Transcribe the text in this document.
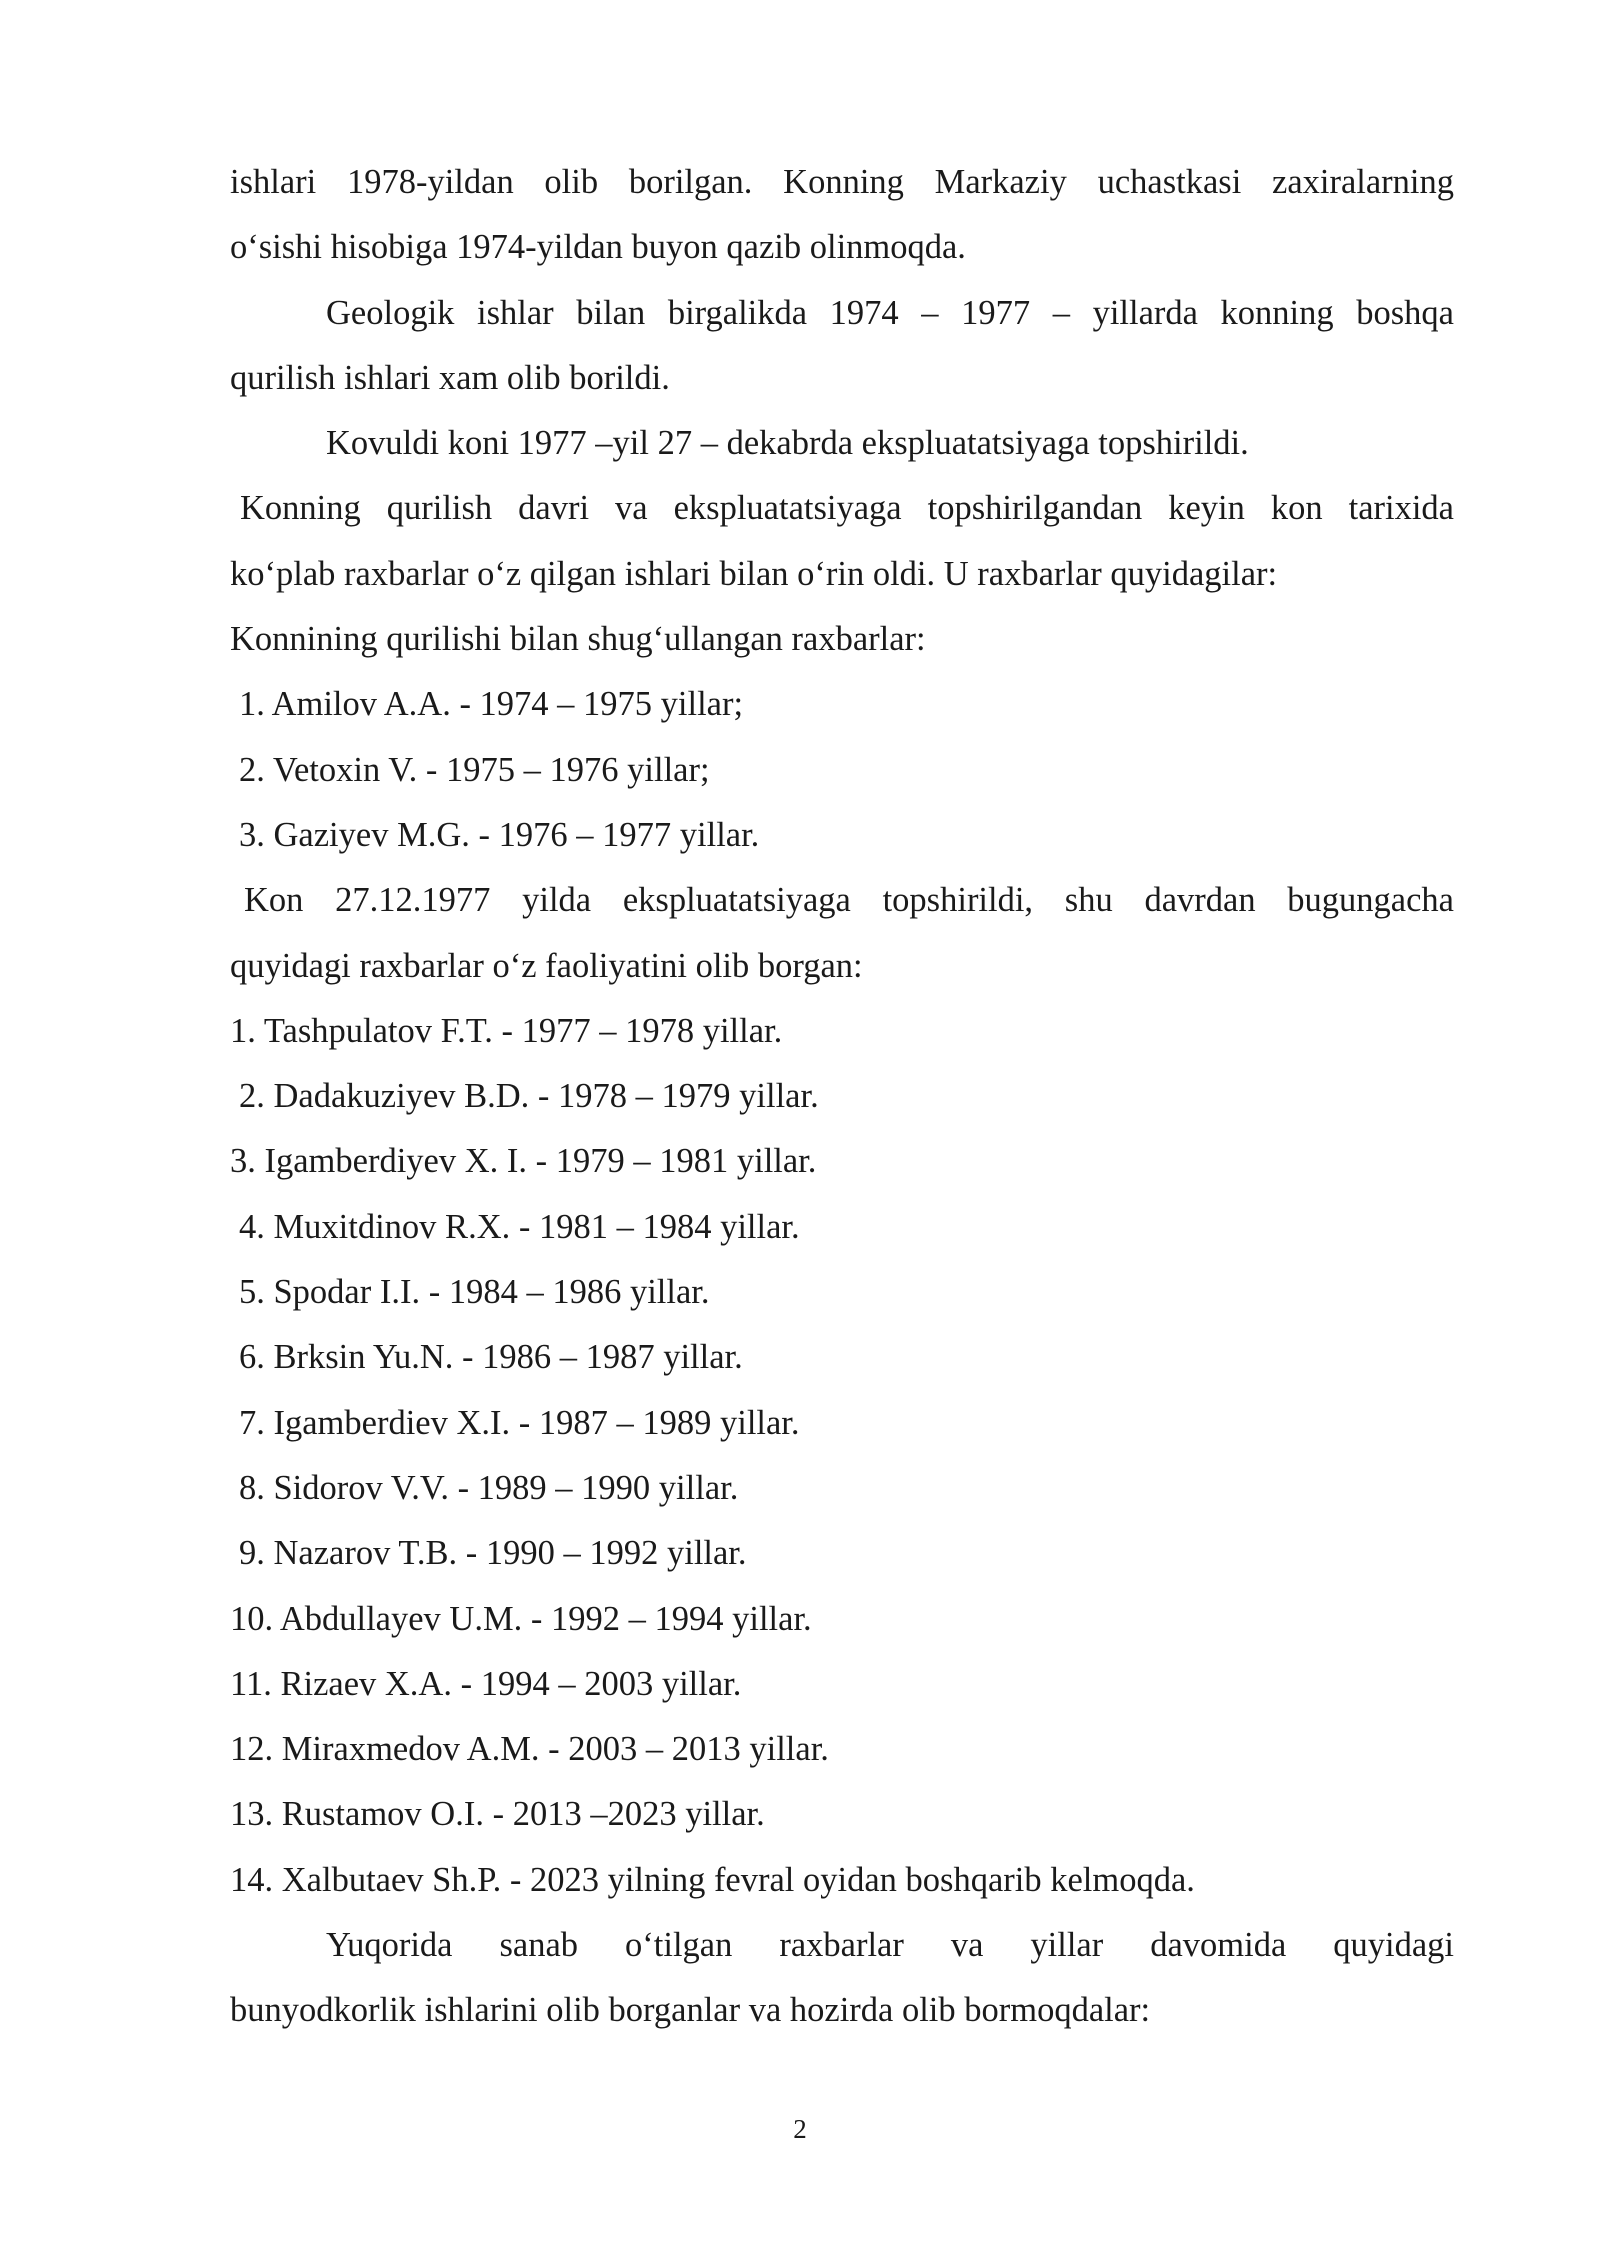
ishlari 1978-yildan olib borilgan. Konning Markaziy uchastkasi zaxiralarning
o‘sishi hisobiga 1974-yildan buyon qazib olinmoqda.
Geologik ishlar bilan birgalikda 1974 – 1977 – yillarda konning boshqa
qurilish ishlari xam olib borildi.
Kovuldi koni 1977 –yil 27 – dekabrda ekspluatatsiyaga topshirildi.
Konning qurilish davri va ekspluatatsiyaga topshirilgandan keyin kon tarixida
ko‘plab raxbarlar o‘z qilgan ishlari bilan o‘rin oldi. U raxbarlar quyidagilar:
Konnining qurilishi bilan shug‘ullangan raxbarlar:
1. Amilov A.A. - 1974 – 1975 yillar;
2. Vetoxin V. - 1975 – 1976 yillar;
3. Gaziyev M.G. - 1976 – 1977 yillar.
Kon 27.12.1977 yilda ekspluatatsiyaga topshirildi, shu davrdan bugungacha
quyidagi raxbarlar o‘z faoliyatini olib borgan:
1. Tashpulatov F.T. - 1977 – 1978 yillar.
2. Dadakuziyev B.D. - 1978 – 1979 yillar.
3. Igamberdiyev X. I. - 1979 – 1981 yillar.
4. Muxitdinov R.X. - 1981 – 1984 yillar.
5. Spodar I.I. - 1984 – 1986 yillar.
6. Brksin Yu.N. - 1986 – 1987 yillar.
7. Igamberdiev X.I. - 1987 – 1989 yillar.
8. Sidorov V.V. - 1989 – 1990 yillar.
9. Nazarov T.B. - 1990 – 1992 yillar.
10. Abdullayev U.M. - 1992 – 1994 yillar.
11. Rizaev X.A. - 1994 – 2003 yillar.
12. Miraxmedov A.M. - 2003 – 2013 yillar.
13. Rustamov O.I. - 2013 –2023 yillar.
14. Xalbutaev Sh.P. - 2023 yilning fevral oyidan boshqarib kelmoqda.
Yuqorida sanab o‘tilgan raxbarlar va yillar davomida quyidagi
bunyodkorlik ishlarini olib borganlar va hozirda olib bormoqdalar:
2
